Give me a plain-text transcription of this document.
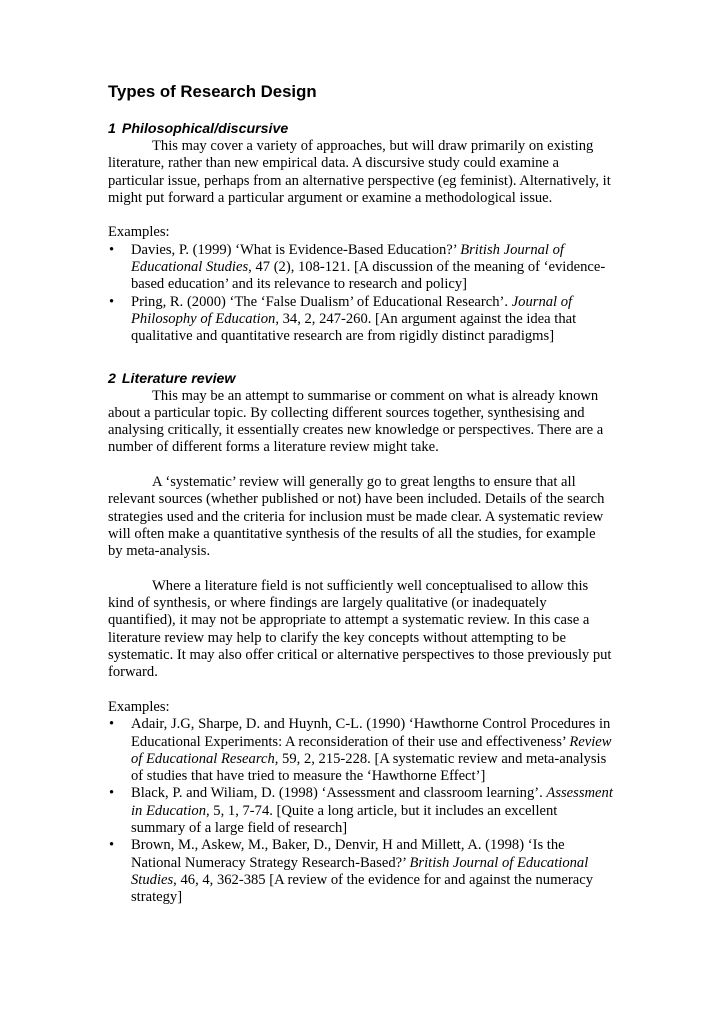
Types of Research Design
1 Philosophical/discursive

This may cover a variety of approaches, but will draw primarily on existing literature, rather than new empirical data. A discursive study could examine a particular issue, perhaps from an alternative perspective (eg feminist). Alternatively, it might put forward a particular argument or examine a methodological issue.

Examples:

• Davies, P. (1999) ‘What is Evidence-Based Education?’ British Journal of Educational Studies, 47 (2), 108-121. [A discussion of the meaning of ‘evidence-based education’ and its relevance to research and policy]
• Pring, R. (2000) ‘The ‘False Dualism’ of Educational Research’. Journal of Philosophy of Education, 34, 2, 247-260. [An argument against the idea that qualitative and quantitative research are from rigidly distinct paradigms]
2 Literature review

This may be an attempt to summarise or comment on what is already known about a particular topic. By collecting different sources together, synthesising and analysing critically, it essentially creates new knowledge or perspectives. There are a number of different forms a literature review might take.

A ‘systematic’ review will generally go to great lengths to ensure that all relevant sources (whether published or not) have been included. Details of the search strategies used and the criteria for inclusion must be made clear. A systematic review will often make a quantitative synthesis of the results of all the studies, for example by meta-analysis.

Where a literature field is not sufficiently well conceptualised to allow this kind of synthesis, or where findings are largely qualitative (or inadequately quantified), it may not be appropriate to attempt a systematic review. In this case a literature review may help to clarify the key concepts without attempting to be systematic. It may also offer critical or alternative perspectives to those previously put forward.

Examples:

• Adair, J.G, Sharpe, D. and Huynh, C-L. (1990) ‘Hawthorne Control Procedures in Educational Experiments: A reconsideration of their use and effectiveness’ Review of Educational Research, 59, 2, 215-228. [A systematic review and meta-analysis of studies that have tried to measure the ‘Hawthorne Effect’]
• Black, P. and Wiliam, D. (1998) ‘Assessment and classroom learning’. Assessment in Education, 5, 1, 7-74. [Quite a long article, but it includes an excellent summary of a large field of research]
• Brown, M., Askew, M., Baker, D., Denvir, H and Millett, A. (1998) ‘Is the National Numeracy Strategy Research-Based?’ British Journal of Educational Studies, 46, 4, 362-385 [A review of the evidence for and against the numeracy strategy]
